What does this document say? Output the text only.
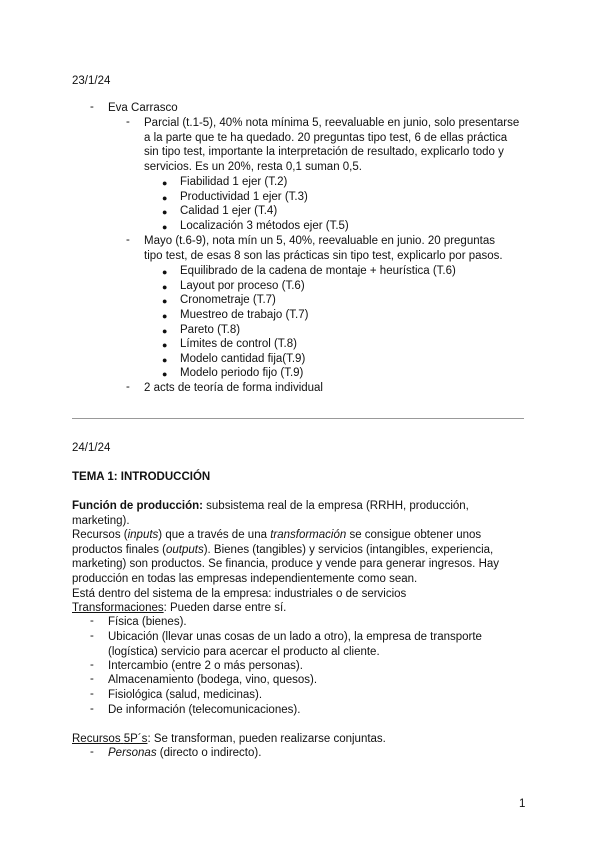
23/1/24
- Eva Carrasco
- Parcial (t.1-5), 40% nota mínima 5, reevaluable en junio, solo presentarse a la parte que te ha quedado. 20 preguntas tipo test, 6 de ellas práctica sin tipo test, importante la interpretación de resultado, explicarlo todo y servicios. Es un 20%, resta 0,1 suman 0,5.
● Fiabilidad 1 ejer (T.2)
● Productividad 1 ejer (T.3)
● Calidad 1 ejer (T.4)
● Localización 3 métodos ejer (T.5)
- Mayo (t.6-9), nota mín un 5, 40%, reevaluable en junio. 20 preguntas tipo test, de esas 8 son las prácticas sin tipo test, explicarlo por pasos.
● Equilibrado de la cadena de montaje + heurística (T.6)
● Layout por proceso (T.6)
● Cronometraje (T.7)
● Muestreo de trabajo (T.7)
● Pareto (T.8)
● Límites de control (T.8)
● Modelo cantidad fija(T.9)
● Modelo periodo fijo (T.9)
- 2 acts de teoría de forma individual
24/1/24
TEMA 1: INTRODUCCIÓN
Función de producción: subsistema real de la empresa (RRHH, producción, marketing).
Recursos (inputs) que a través de una transformación se consigue obtener unos productos finales (outputs). Bienes (tangibles) y servicios (intangibles, experiencia, marketing) son productos. Se financia, produce y vende para generar ingresos. Hay producción en todas las empresas independientemente como sean.
Está dentro del sistema de la empresa: industriales o de servicios
Transformaciones: Pueden darse entre sí.
- Física (bienes).
- Ubicación (llevar unas cosas de un lado a otro), la empresa de transporte (logística) servicio para acercar el producto al cliente.
- Intercambio (entre 2 o más personas).
- Almacenamiento (bodega, vino, quesos).
- Fisiológica (salud, medicinas).
- De información (telecomunicaciones).
Recursos 5P´s: Se transforman, pueden realizarse conjuntas.
- Personas (directo o indirecto).
1
